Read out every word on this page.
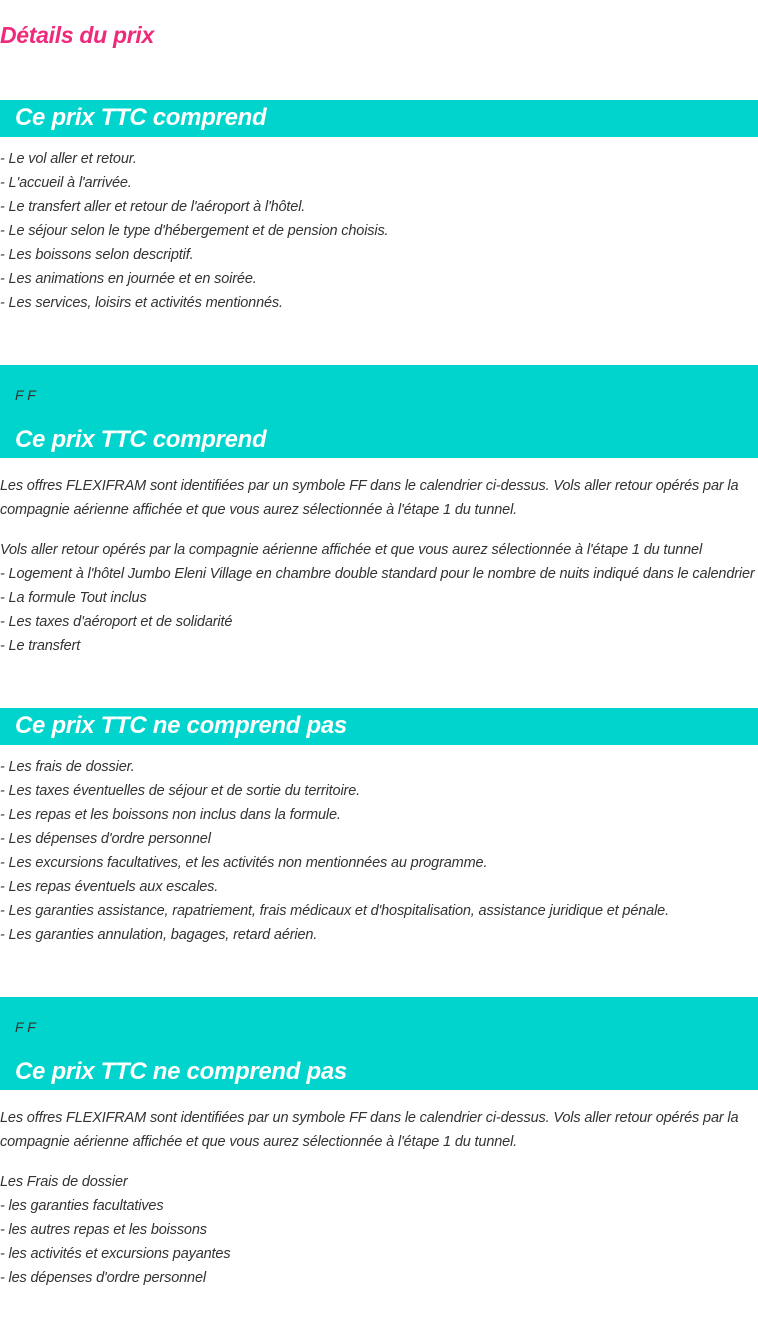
Détails du prix
Ce prix TTC comprend
- Le vol aller et retour.
- L'accueil à l'arrivée.
- Le transfert aller et retour de l'aéroport à l'hôtel.
- Le séjour selon le type d'hébergement et de pension choisis.
- Les boissons selon descriptif.
- Les animations en journée et en soirée.
- Les services, loisirs et activités mentionnés.
F F
Ce prix TTC comprend

Les offres FLEXIFRAM sont identifiées par un symbole FF dans le calendrier ci-dessus. Vols aller retour opérés par la compagnie aérienne affichée et que vous aurez sélectionnée à l'étape 1 du tunnel.

Vols aller retour opérés par la compagnie aérienne affichée et que vous aurez sélectionnée à l'étape 1 du tunnel
- Logement à l'hôtel Jumbo Eleni Village en chambre double standard pour le nombre de nuits indiqué dans le calendrier
- La formule Tout inclus
- Les taxes d'aéroport et de solidarité
- Le transfert
Ce prix TTC ne comprend pas
- Les frais de dossier.
- Les taxes éventuelles de séjour et de sortie du territoire.
- Les repas et les boissons non inclus dans la formule.
- Les dépenses d'ordre personnel
- Les excursions facultatives, et les activités non mentionnées au programme.
- Les repas éventuels aux escales.
- Les garanties assistance, rapatriement, frais médicaux et d'hospitalisation, assistance juridique et pénale.
- Les garanties annulation, bagages, retard aérien.
F F
Ce prix TTC ne comprend pas

Les offres FLEXIFRAM sont identifiées par un symbole FF dans le calendrier ci-dessus. Vols aller retour opérés par la compagnie aérienne affichée et que vous aurez sélectionnée à l'étape 1 du tunnel.

Les Frais de dossier
- les garanties facultatives
- les autres repas et les boissons
- les activités et excursions payantes
- les dépenses d'ordre personnel
